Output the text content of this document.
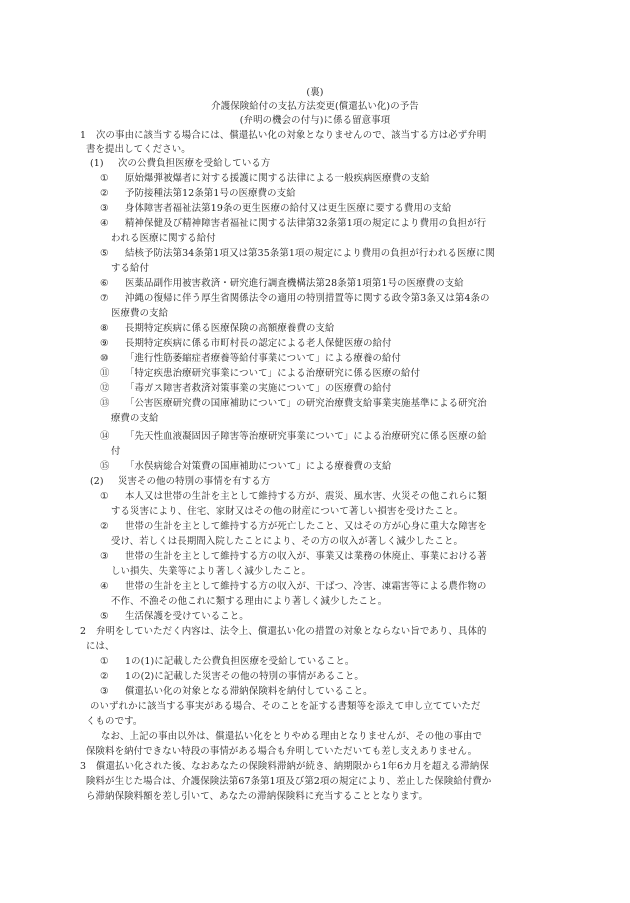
(裏)
介護保険給付の支払方法変更(償還払い化)の予告
(弁明の機会の付与)に係る留意事項
1 次の事由に該当する場合には、償還払い化の対象となりませんので、該当する方は必ず弁明
書を提出してください。
(1) 次の公費負担医療を受給している方
① 原始爆弾被爆者に対する援護に関する法律による一般疾病医療費の支給
② 予防接種法第12条第1号の医療費の支給
③ 身体障害者福祉法第19条の更生医療の給付又は更生医療に要する費用の支給
④ 精神保健及び精神障害者福祉に関する法律第32条第1項の規定により費用の負担が行
われる医療に関する給付
⑤ 結核予防法第34条第1項又は第35条第1項の規定により費用の負担が行われる医療に関
する給付
⑥ 医薬品副作用被害救済・研究進行調査機構法第28条第1項第1号の医療費の支給
⑦ 沖縄の復帰に伴う厚生省関係法令の適用の特別措置等に関する政令第3条又は第4条の
医療費の支給
⑧ 長期特定疾病に係る医療保険の高額療養費の支給
⑨ 長期特定疾病に係る市町村長の認定による老人保健医療の給付
⑩ 「進行性筋萎縮症者療養等給付事業について」による療養の給付
⑪ 「特定疾患治療研究事業について」による治療研究に係る医療の給付
⑫ 「毒ガス障害者救済対策事業の実施について」の医療費の給付
⑬ 「公害医療研究費の国庫補助について」の研究治療費支給事業実施基準による研究治
療費の支給
⑭ 「先天性血液凝固因子障害等治療研究事業について」による治療研究に係る医療の給
付
⑮ 「水俣病総合対策費の国庫補助について」による療養費の支給
(2) 災害その他の特別の事情を有する方
① 本人又は世帯の生計を主として維持する方が、震災、風水害、火災その他これらに類
する災害により、住宅、家財又はその他の財産について著しい損害を受けたこと。
② 世帯の生計を主として維持する方が死亡したこと、又はその方が心身に重大な障害を
受け、若しくは長期間入院したことにより、その方の収入が著しく減少したこと。
③ 世帯の生計を主として維持する方の収入が、事業又は業務の休廃止、事業における著
しい損失、失業等により著しく減少したこと。
④ 世帯の生計を主として維持する方の収入が、干ばつ、冷害、凍霜害等による農作物の
不作、不漁その他これに類する理由により著しく減少したこと。
⑤ 生活保護を受けていること。
2 弁明をしていただく内容は、法令上、償還払い化の措置の対象とならない旨であり、具体的
には、
① 1の(1)に記載した公費負担医療を受給していること。
② 1の(2)に記載した災害その他の特別の事情があること。
③ 償還払い化の対象となる滞納保険料を納付していること。
のいずれかに該当する事実がある場合、そのことを証する書類等を添えて申し立てていただ
くものです。
なお、上記の事由以外は、償還払い化をとりやめる理由となりませんが、その他の事由で
保険料を納付できない特段の事情がある場合も弁明していただいても差し支えありません。
3 償還払い化された後、なおあなたの保険料滞納が続き、納期限から1年6カ月を超える滞納保
険料が生じた場合は、介護保険法第67条第1項及び第2項の規定により、差止した保険給付費か
ら滞納保険料額を差し引いて、あなたの滞納保険料に充当することとなります。
